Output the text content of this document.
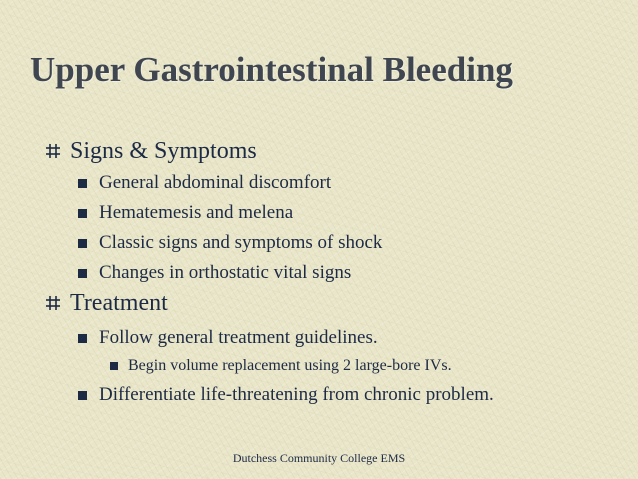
Upper Gastrointestinal Bleeding
Signs & Symptoms
General abdominal discomfort
Hematemesis and melena
Classic signs and symptoms of shock
Changes in orthostatic vital signs
Treatment
Follow general treatment guidelines.
Begin volume replacement using 2 large-bore IVs.
Differentiate life-threatening from chronic problem.
Dutchess Community College EMS
